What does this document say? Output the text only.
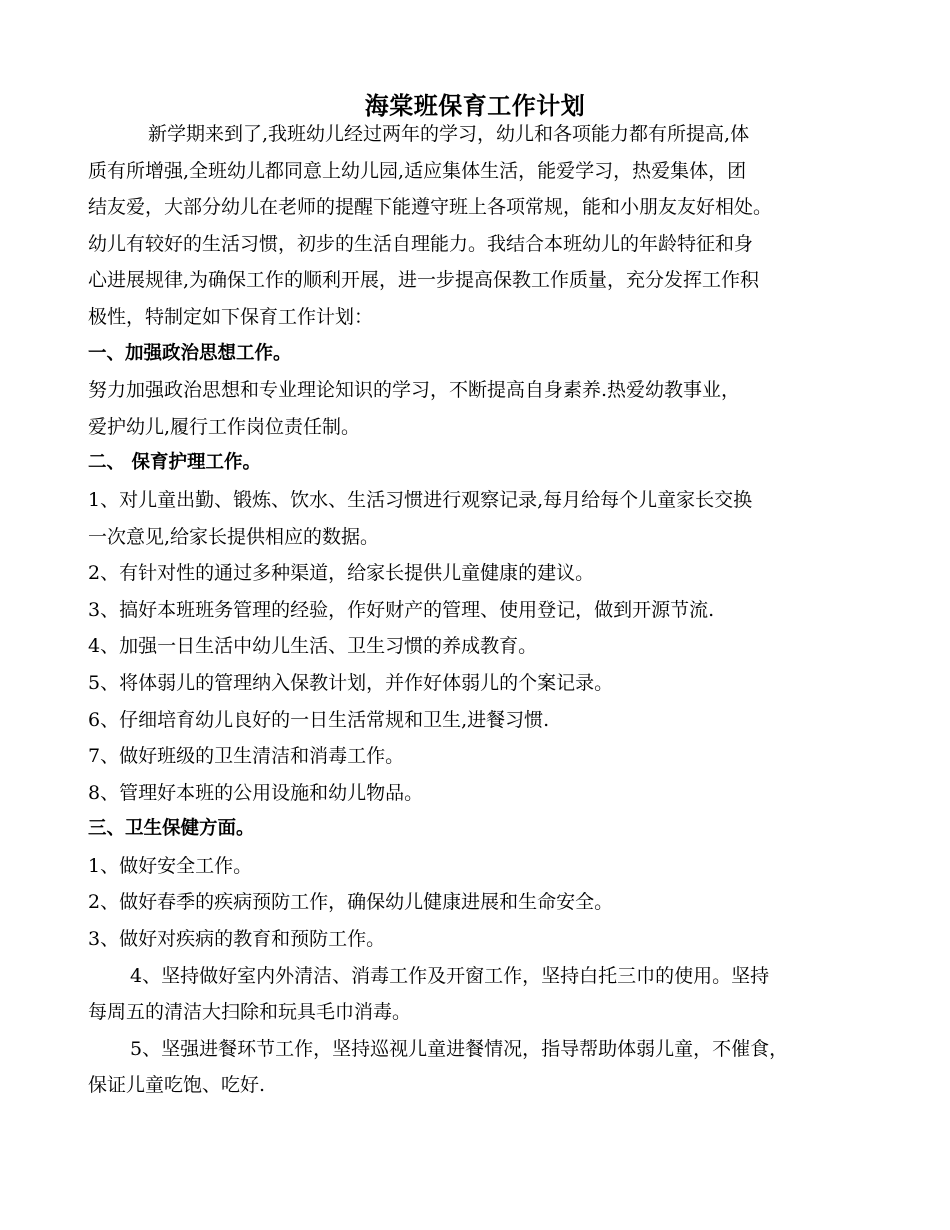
海棠班保育工作计划
新学期来到了,我班幼儿经过两年的学习，幼儿和各项能力都有所提高,体
质有所增强,全班幼儿都同意上幼儿园,适应集体生活，能爱学习，热爱集体，团
结友爱，大部分幼儿在老师的提醒下能遵守班上各项常规，能和小朋友友好相处。
幼儿有较好的生活习惯，初步的生活自理能力。我结合本班幼儿的年龄特征和身
心进展规律,为确保工作的顺利开展，进一步提高保教工作质量，充分发挥工作积
极性，特制定如下保育工作计划：
一、加强政治思想工作。
努力加强政治思想和专业理论知识的学习，不断提高自身素养.热爱幼教事业，
爱护幼儿,履行工作岗位责任制。
二、 保育护理工作。
1、对儿童出勤、锻炼、饮水、生活习惯进行观察记录,每月给每个儿童家长交换
一次意见,给家长提供相应的数据。
2、有针对性的通过多种渠道，给家长提供儿童健康的建议。
3、搞好本班班务管理的经验，作好财产的管理、使用登记，做到开源节流.
4、加强一日生活中幼儿生活、卫生习惯的养成教育。
5、将体弱儿的管理纳入保教计划，并作好体弱儿的个案记录。
6、仔细培育幼儿良好的一日生活常规和卫生,进餐习惯.
7、做好班级的卫生清洁和消毒工作。
8、管理好本班的公用设施和幼儿物品。
三、卫生保健方面。
1、做好安全工作。
2、做好春季的疾病预防工作，确保幼儿健康进展和生命安全。
3、做好对疾病的教育和预防工作。
4、坚持做好室内外清洁、消毒工作及开窗工作，坚持白托三巾的使用。坚持
每周五的清洁大扫除和玩具毛巾消毒。
5、坚强进餐环节工作，坚持巡视儿童进餐情况，指导帮助体弱儿童，不催食，
保证儿童吃饱、吃好.
